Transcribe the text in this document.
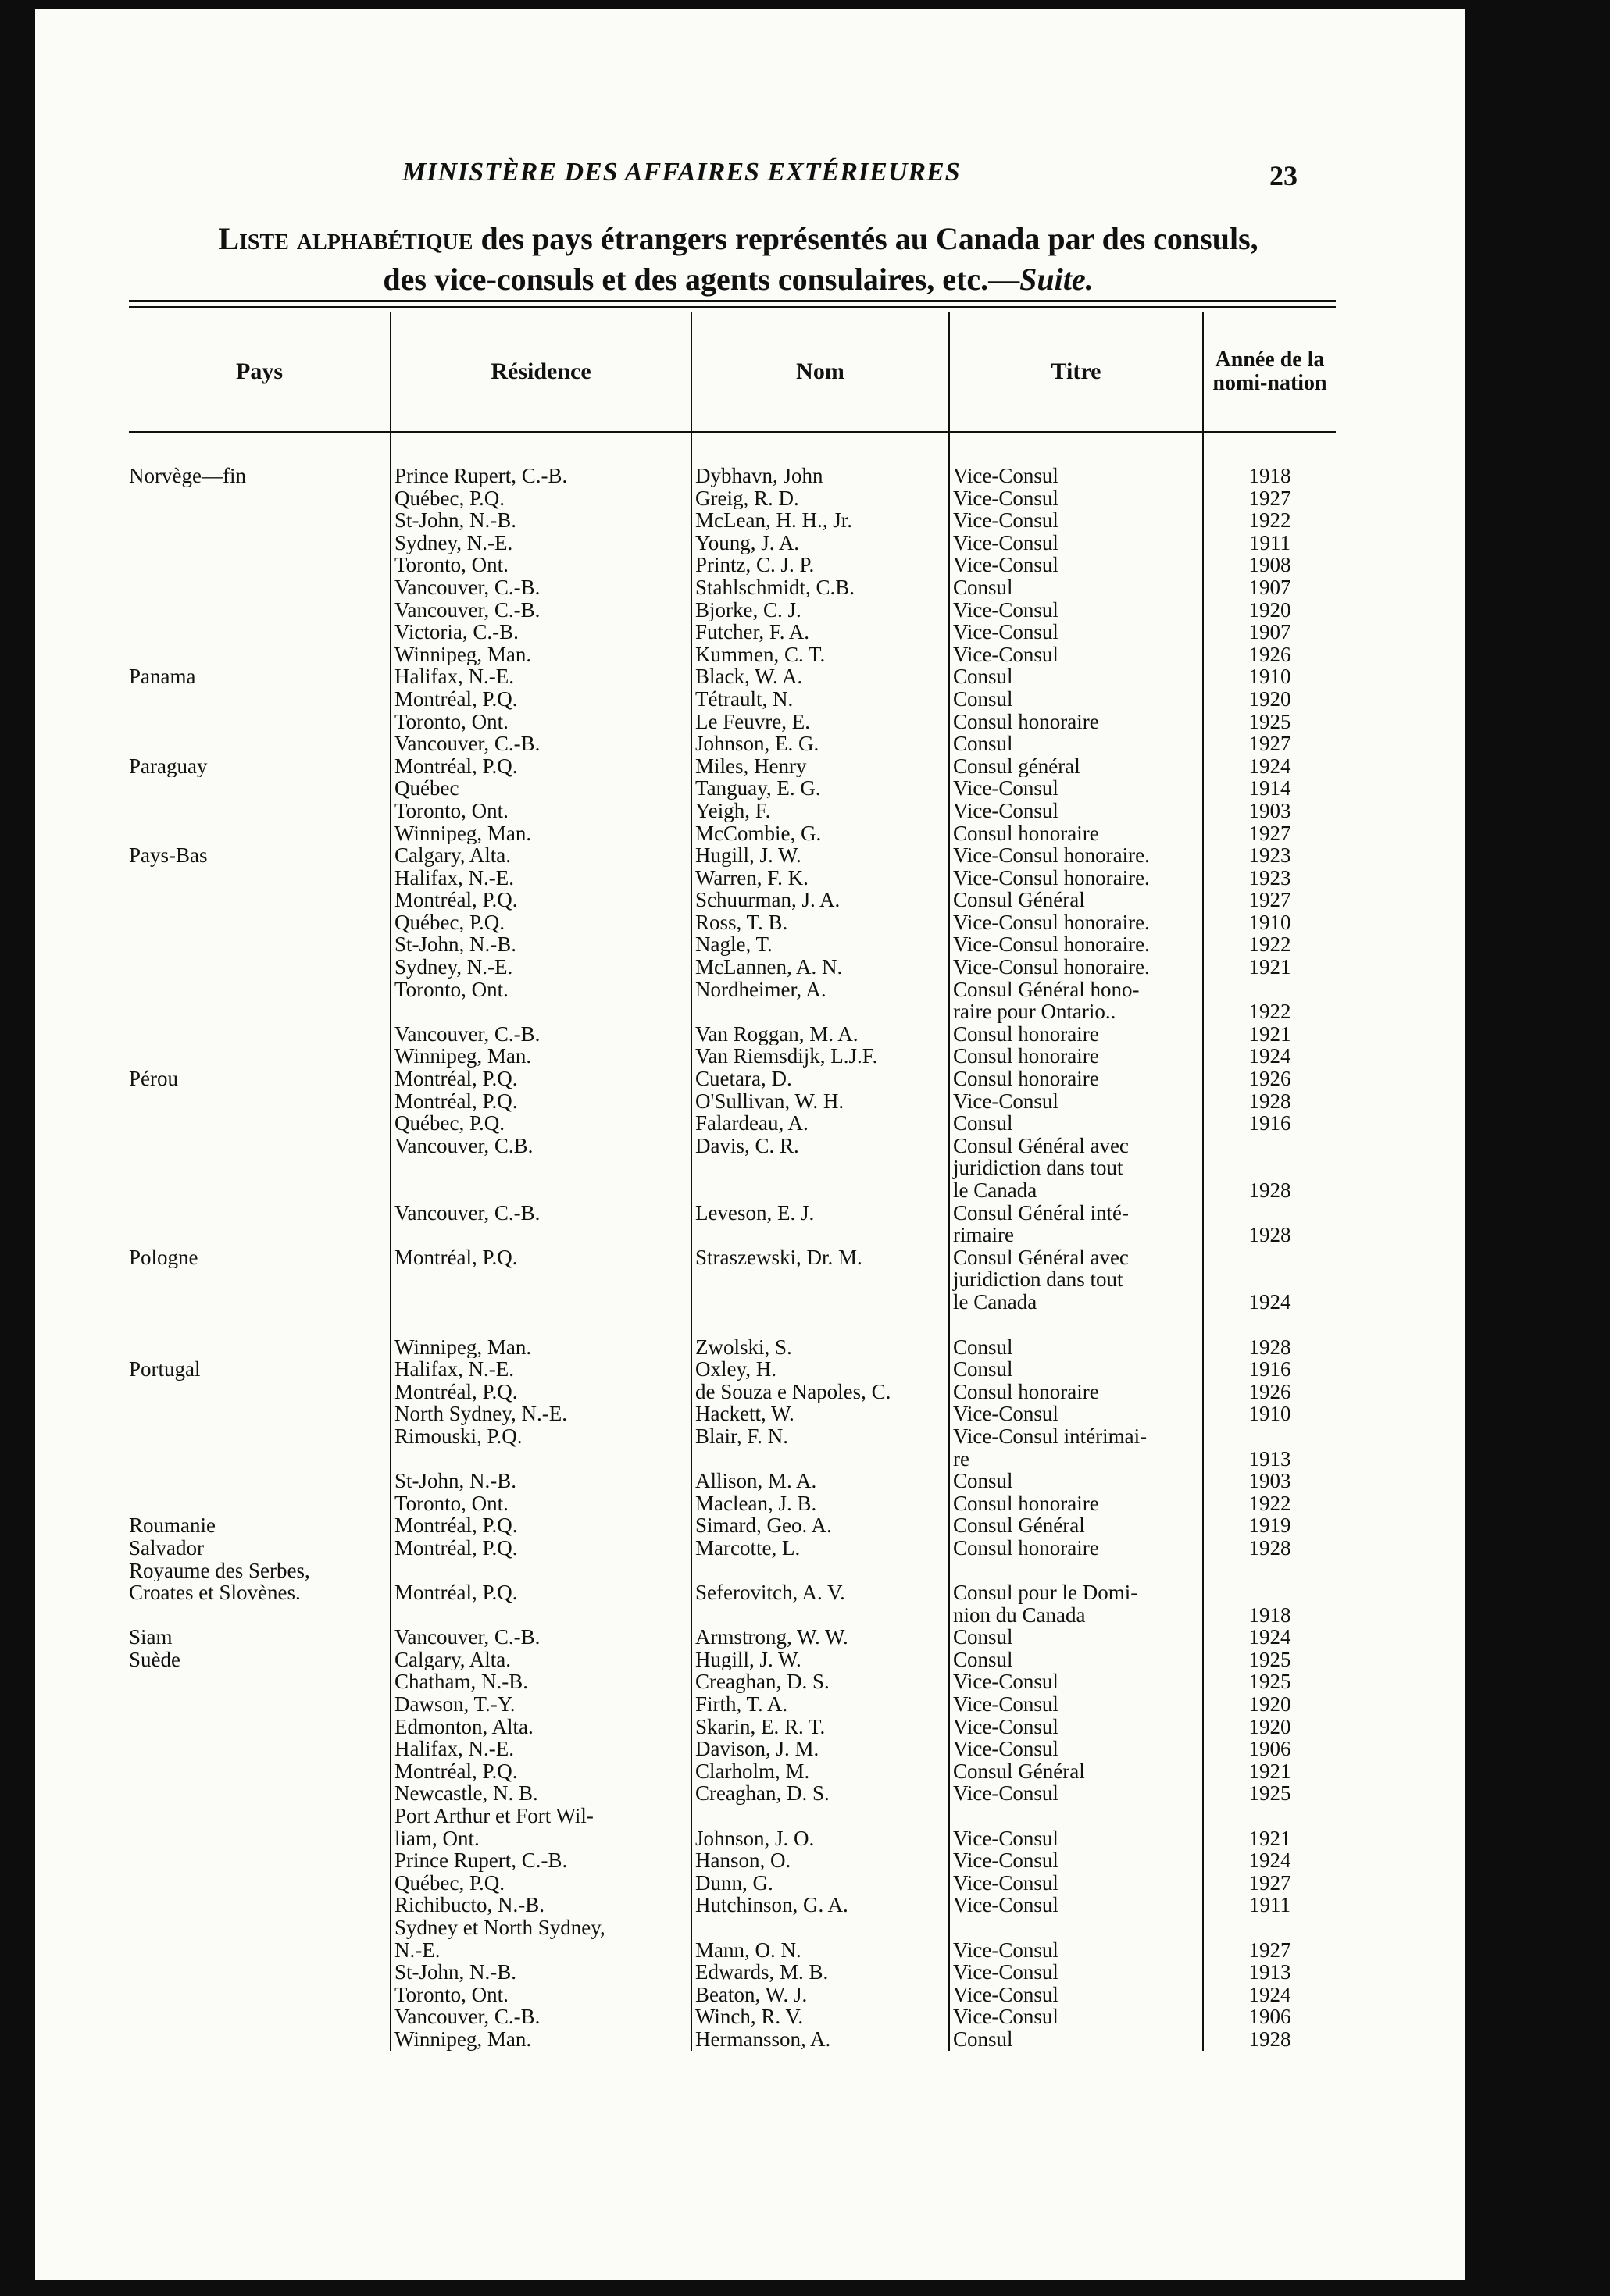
MINISTÈRE DES AFFAIRES EXTÉRIEURES	23
Liste alphabétique des pays étrangers représentés au Canada par des consuls,
des vice-consuls et des agents consulaires, etc.—Suite.
Pays	Résidence	Nom	Titre	Année de la nomi-nation

Norvège—fin	Prince Rupert, C.-B.	Dybhavn, John	Vice-Consul	1918
	Québec, P.Q.	Greig, R. D.	Vice-Consul	1927
	St-John, N.-B.	McLean, H. H., Jr.	Vice-Consul	1922
	Sydney, N.-E.	Young, J. A.	Vice-Consul	1911
	Toronto, Ont.	Printz, C. J. P.	Vice-Consul	1908
	Vancouver, C.-B.	Stahlschmidt, C.B.	Consul	1907
	Vancouver, C.-B.	Bjorke, C. J.	Vice-Consul	1920
	Victoria, C.-B.	Futcher, F. A.	Vice-Consul	1907
	Winnipeg, Man.	Kummen, C. T.	Vice-Consul	1926
Panama	Halifax, N.-E.	Black, W. A.	Consul	1910
	Montréal, P.Q.	Tétrault, N.	Consul	1920
	Toronto, Ont.	Le Feuvre, E.	Consul honoraire	1925
	Vancouver, C.-B.	Johnson, E. G.	Consul	1927
Paraguay	Montréal, P.Q.	Miles, Henry	Consul général	1924
	Québec	Tanguay, E. G.	Vice-Consul	1914
	Toronto, Ont.	Yeigh, F.	Vice-Consul	1903
	Winnipeg, Man.	McCombie, G.	Consul honoraire	1927
Pays-Bas	Calgary, Alta.	Hugill, J. W.	Vice-Consul honoraire.	1923
	Halifax, N.-E.	Warren, F. K.	Vice-Consul honoraire.	1923
	Montréal, P.Q.	Schuurman, J. A.	Consul Général	1927
	Québec, P.Q.	Ross, T. B.	Vice-Consul honoraire.	1910
	St-John, N.-B.	Nagle, T.	Vice-Consul honoraire.	1922
	Sydney, N.-E.	McLannen, A. N.	Vice-Consul honoraire.	1921
	Toronto, Ont.	Nordheimer, A.	Consul Général hono-	
			raire pour Ontario..	1922
	Vancouver, C.-B.	Van Roggan, M. A.	Consul honoraire	1921
	Winnipeg, Man.	Van Riemsdijk, L.J.F.	Consul honoraire	1924
Pérou	Montréal, P.Q.	Cuetara, D.	Consul honoraire	1926
	Montréal, P.Q.	O'Sullivan, W. H.	Vice-Consul	1928
	Québec, P.Q.	Falardeau, A.	Consul	1916
	Vancouver, C.B.	Davis, C. R.	Consul Général avec	
			juridiction dans tout	
			le Canada	1928
	Vancouver, C.-B.	Leveson, E. J.	Consul Général inté-	
			rimaire	1928
Pologne	Montréal, P.Q.	Straszewski, Dr. M.	Consul Général avec	
			juridiction dans tout	
			le Canada	1924

	Winnipeg, Man.	Zwolski, S.	Consul	1928
Portugal	Halifax, N.-E.	Oxley, H.	Consul	1916
	Montréal, P.Q.	de Souza e Napoles, C.	Consul honoraire	1926
	North Sydney, N.-E.	Hackett, W.	Vice-Consul	1910
	Rimouski, P.Q.	Blair, F. N.	Vice-Consul intérimai-	
			re	1913
	St-John, N.-B.	Allison, M. A.	Consul	1903
	Toronto, Ont.	Maclean, J. B.	Consul honoraire	1922
Roumanie	Montréal, P.Q.	Simard, Geo. A.	Consul Général	1919
Salvador	Montréal, P.Q.	Marcotte, L.	Consul honoraire	1928
Royaume des Serbes,				
Croates et Slovènes.	Montréal, P.Q.	Seferovitch, A. V.	Consul pour le Domi-	
			nion du Canada	1918
Siam	Vancouver, C.-B.	Armstrong, W. W.	Consul	1924
Suède	Calgary, Alta.	Hugill, J. W.	Consul	1925
	Chatham, N.-B.	Creaghan, D. S.	Vice-Consul	1925
	Dawson, T.-Y.	Firth, T. A.	Vice-Consul	1920
	Edmonton, Alta.	Skarin, E. R. T.	Vice-Consul	1920
	Halifax, N.-E.	Davison, J. M.	Vice-Consul	1906
	Montréal, P.Q.	Clarholm, M.	Consul Général	1921
	Newcastle, N. B.	Creaghan, D. S.	Vice-Consul	1925
	Port Arthur et Fort Wil-			
	liam, Ont.	Johnson, J. O.	Vice-Consul	1921
	Prince Rupert, C.-B.	Hanson, O.	Vice-Consul	1924
	Québec, P.Q.	Dunn, G.	Vice-Consul	1927
	Richibucto, N.-B.	Hutchinson, G. A.	Vice-Consul	1911
	Sydney et North Sydney,			
	N.-E.	Mann, O. N.	Vice-Consul	1927
	St-John, N.-B.	Edwards, M. B.	Vice-Consul	1913
	Toronto, Ont.	Beaton, W. J.	Vice-Consul	1924
	Vancouver, C.-B.	Winch, R. V.	Vice-Consul	1906
	Winnipeg, Man.	Hermansson, A.	Consul	1928
